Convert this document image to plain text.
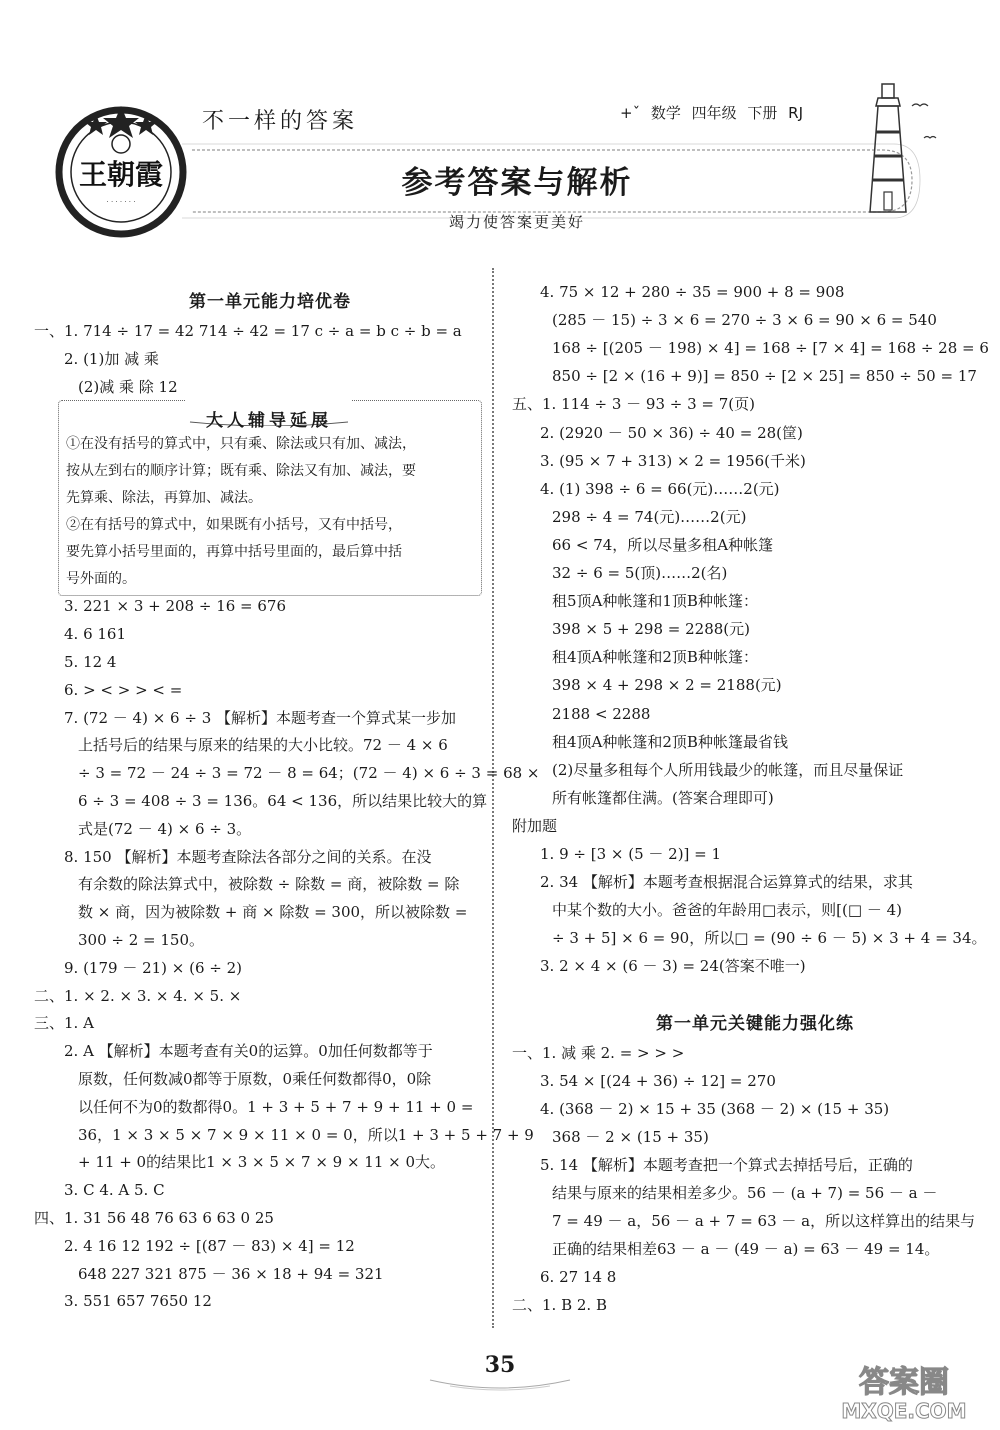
王朝霞
· · · · · · ·
不一样的答案	+ˇ 数学 四年级 下册 RJ
参考答案与解析
竭力使答案更美好
第一单元能力培优卷
一、1. 714 ÷ 17 = 42 714 ÷ 42 = 17 c ÷ a = b c ÷ b = a
2. (1)加 减 乘
(2)减 乘 除 12
大人辅导延展
①在没有括号的算式中，只有乘、除法或只有加、减法，
按从左到右的顺序计算；既有乘、除法又有加、减法，要
先算乘、除法，再算加、减法。
②在有括号的算式中，如果既有小括号，又有中括号，
要先算小括号里面的，再算中括号里面的，最后算中括
号外面的。
3. 221 × 3 + 208 ÷ 16 = 676
4. 6 161
5. 12 4
6. > < > > < =
7. (72 － 4) × 6 ÷ 3 【解析】本题考查一个算式某一步加
上括号后的结果与原来的结果的大小比较。72 － 4 × 6
÷ 3 = 72 － 24 ÷ 3 = 72 － 8 = 64；(72 － 4) × 6 ÷ 3 = 68 ×
6 ÷ 3 = 408 ÷ 3 = 136。64 < 136，所以结果比较大的算
式是(72 － 4) × 6 ÷ 3。
8. 150 【解析】本题考查除法各部分之间的关系。在没
有余数的除法算式中，被除数 ÷ 除数 = 商，被除数 = 除
数 × 商，因为被除数 + 商 × 除数 = 300，所以被除数 =
300 ÷ 2 = 150。
9. (179 － 21) × (6 ÷ 2)
二、1. × 2. × 3. × 4. × 5. ×
三、1. A
2. A 【解析】本题考查有关0的运算。0加任何数都等于
原数，任何数减0都等于原数，0乘任何数都得0，0除
以任何不为0的数都得0。1 + 3 + 5 + 7 + 9 + 11 + 0 =
36，1 × 3 × 5 × 7 × 9 × 11 × 0 = 0，所以1 + 3 + 5 + 7 + 9
+ 11 + 0的结果比1 × 3 × 5 × 7 × 9 × 11 × 0大。
3. C 4. A 5. C
四、1. 31 56 48 76 63 6 63 0 25
2. 4 16 12 192 ÷ [(87 － 83) × 4] = 12
648 227 321 875 － 36 × 18 + 94 = 321
3. 551 657 7650 12
4. 75 × 12 + 280 ÷ 35 = 900 + 8 = 908
(285 － 15) ÷ 3 × 6 = 270 ÷ 3 × 6 = 90 × 6 = 540
168 ÷ [(205 － 198) × 4] = 168 ÷ [7 × 4] = 168 ÷ 28 = 6
850 ÷ [2 × (16 + 9)] = 850 ÷ [2 × 25] = 850 ÷ 50 = 17
五、1. 114 ÷ 3 － 93 ÷ 3 = 7(页)
2. (2920 － 50 × 36) ÷ 40 = 28(筐)
3. (95 × 7 + 313) × 2 = 1956(千米)
4. (1) 398 ÷ 6 = 66(元)……2(元)
298 ÷ 4 = 74(元)……2(元)
66 < 74，所以尽量多租A种帐篷
32 ÷ 6 = 5(顶)……2(名)
租5顶A种帐篷和1顶B种帐篷：
398 × 5 + 298 = 2288(元)
租4顶A种帐篷和2顶B种帐篷：
398 × 4 + 298 × 2 = 2188(元)
2188 < 2288
租4顶A种帐篷和2顶B种帐篷最省钱
(2)尽量多租每个人所用钱最少的帐篷，而且尽量保证
所有帐篷都住满。(答案合理即可)
附加题
1. 9 ÷ [3 × (5 － 2)] = 1
2. 34 【解析】本题考查根据混合运算算式的结果，求其
中某个数的大小。爸爸的年龄用□表示，则[(□ － 4)
÷ 3 + 5] × 6 = 90，所以□ = (90 ÷ 6 － 5) × 3 + 4 = 34。
3. 2 × 4 × (6 － 3) = 24(答案不唯一)
第一单元关键能力强化练
一、1. 减 乘 2. = > > >
3. 54 × [(24 + 36) ÷ 12] = 270
4. (368 － 2) × 15 + 35 (368 － 2) × (15 + 35)
368 － 2 × (15 + 35)
5. 14 【解析】本题考查把一个算式去掉括号后，正确的
结果与原来的结果相差多少。56 － (a + 7) = 56 － a －
7 = 49 － a，56 － a + 7 = 63 － a，所以这样算出的结果与
正确的结果相差63 － a － (49 － a) = 63 － 49 = 14。
6. 27 14 8
二、1. B 2. B
35	答案圈
MXQE.COM
